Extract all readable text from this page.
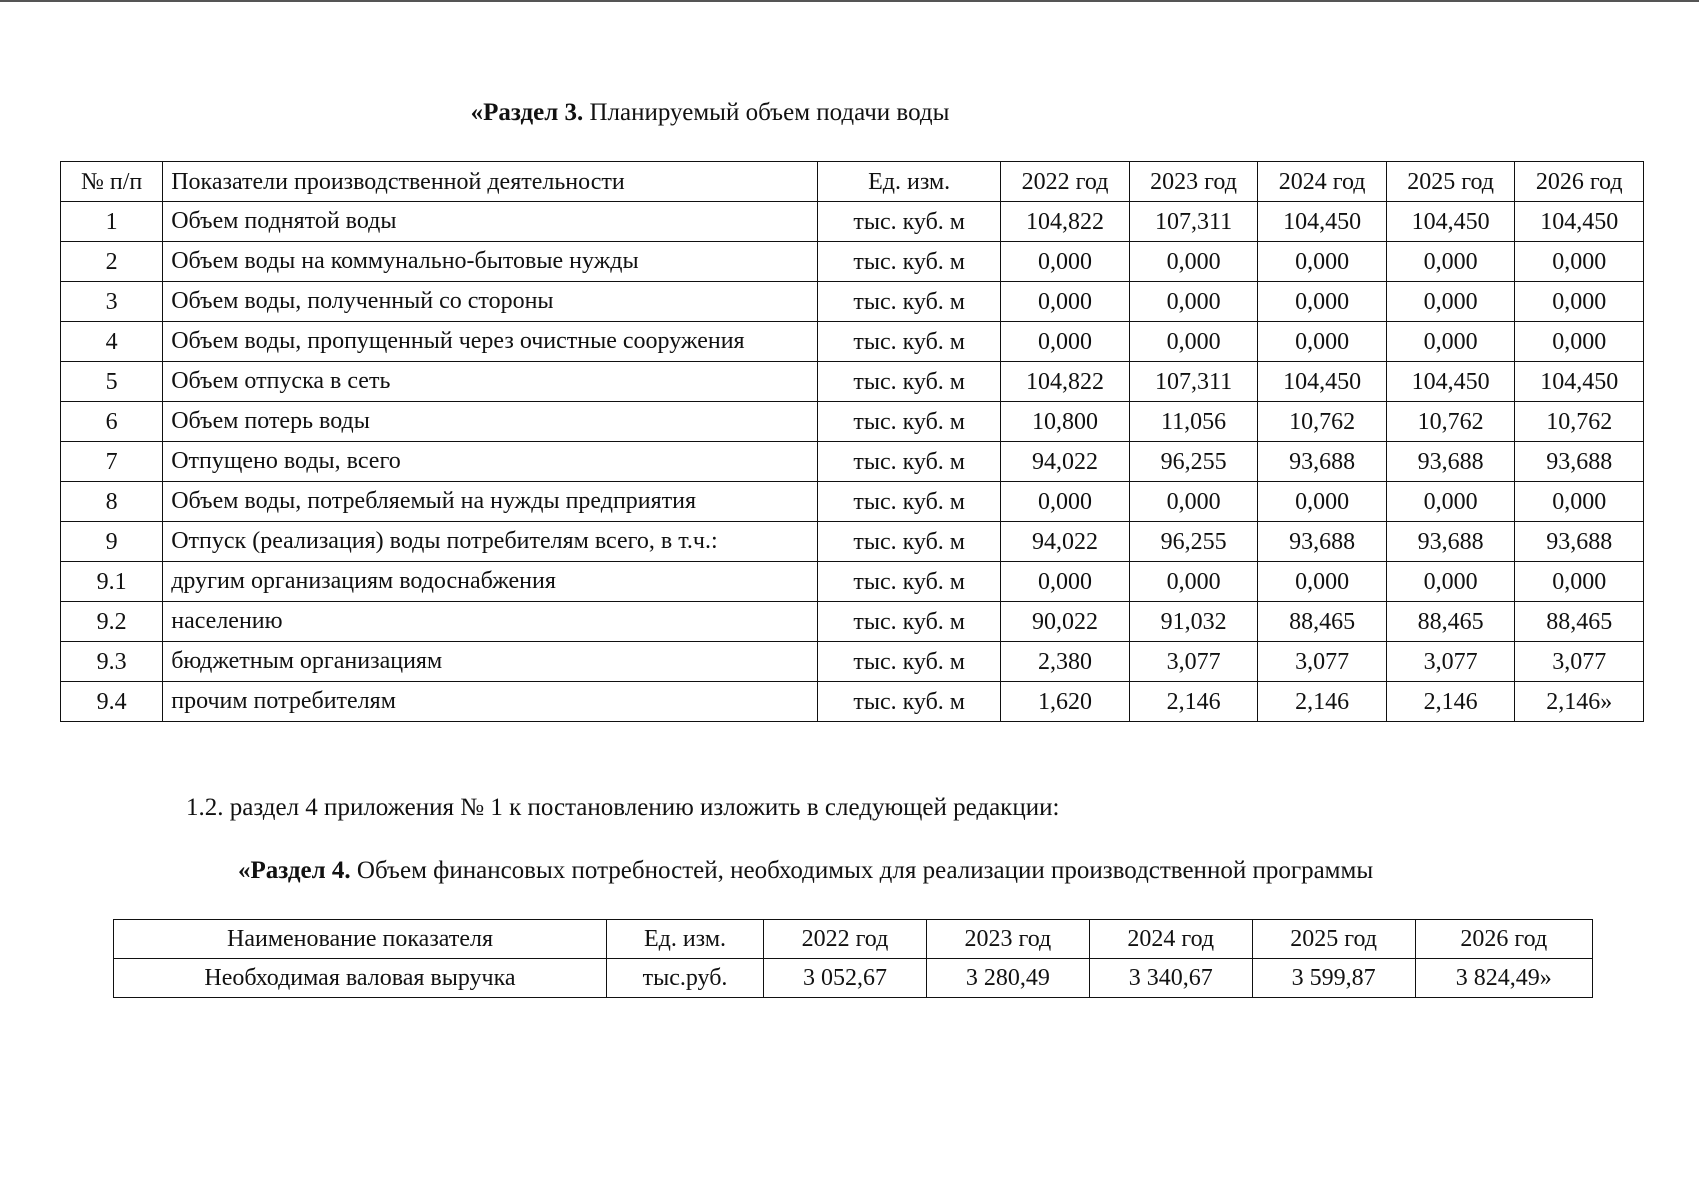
«Раздел 3. Планируемый объем подачи воды
№ п/п	Показатели производственной деятельности	Ед. изм.	2022 год	2023 год	2024 год	2025 год	2026 год
1	Объем поднятой воды	тыс. куб. м	104,822	107,311	104,450	104,450	104,450
2	Объем воды на коммунально-бытовые нужды	тыс. куб. м	0,000	0,000	0,000	0,000	0,000
3	Объем воды, полученный со стороны	тыс. куб. м	0,000	0,000	0,000	0,000	0,000
4	Объем воды, пропущенный через очистные сооружения	тыс. куб. м	0,000	0,000	0,000	0,000	0,000
5	Объем отпуска в сеть	тыс. куб. м	104,822	107,311	104,450	104,450	104,450
6	Объем потерь воды	тыс. куб. м	10,800	11,056	10,762	10,762	10,762
7	Отпущено воды, всего	тыс. куб. м	94,022	96,255	93,688	93,688	93,688
8	Объем воды, потребляемый на нужды предприятия	тыс. куб. м	0,000	0,000	0,000	0,000	0,000
9	Отпуск (реализация) воды потребителям всего, в т.ч.:	тыс. куб. м	94,022	96,255	93,688	93,688	93,688
9.1	другим организациям водоснабжения	тыс. куб. м	0,000	0,000	0,000	0,000	0,000
9.2	населению	тыс. куб. м	90,022	91,032	88,465	88,465	88,465
9.3	бюджетным организациям	тыс. куб. м	2,380	3,077	3,077	3,077	3,077
9.4	прочим потребителям	тыс. куб. м	1,620	2,146	2,146	2,146	2,146»
1.2. раздел 4 приложения № 1 к постановлению изложить в следующей редакции:
«Раздел 4. Объем финансовых потребностей, необходимых для реализации производственной программы
Наименование показателя	Ед. изм.	2022 год	2023 год	2024 год	2025 год	2026 год
Необходимая валовая выручка	тыс.руб.	3 052,67	3 280,49	3 340,67	3 599,87	3 824,49»
